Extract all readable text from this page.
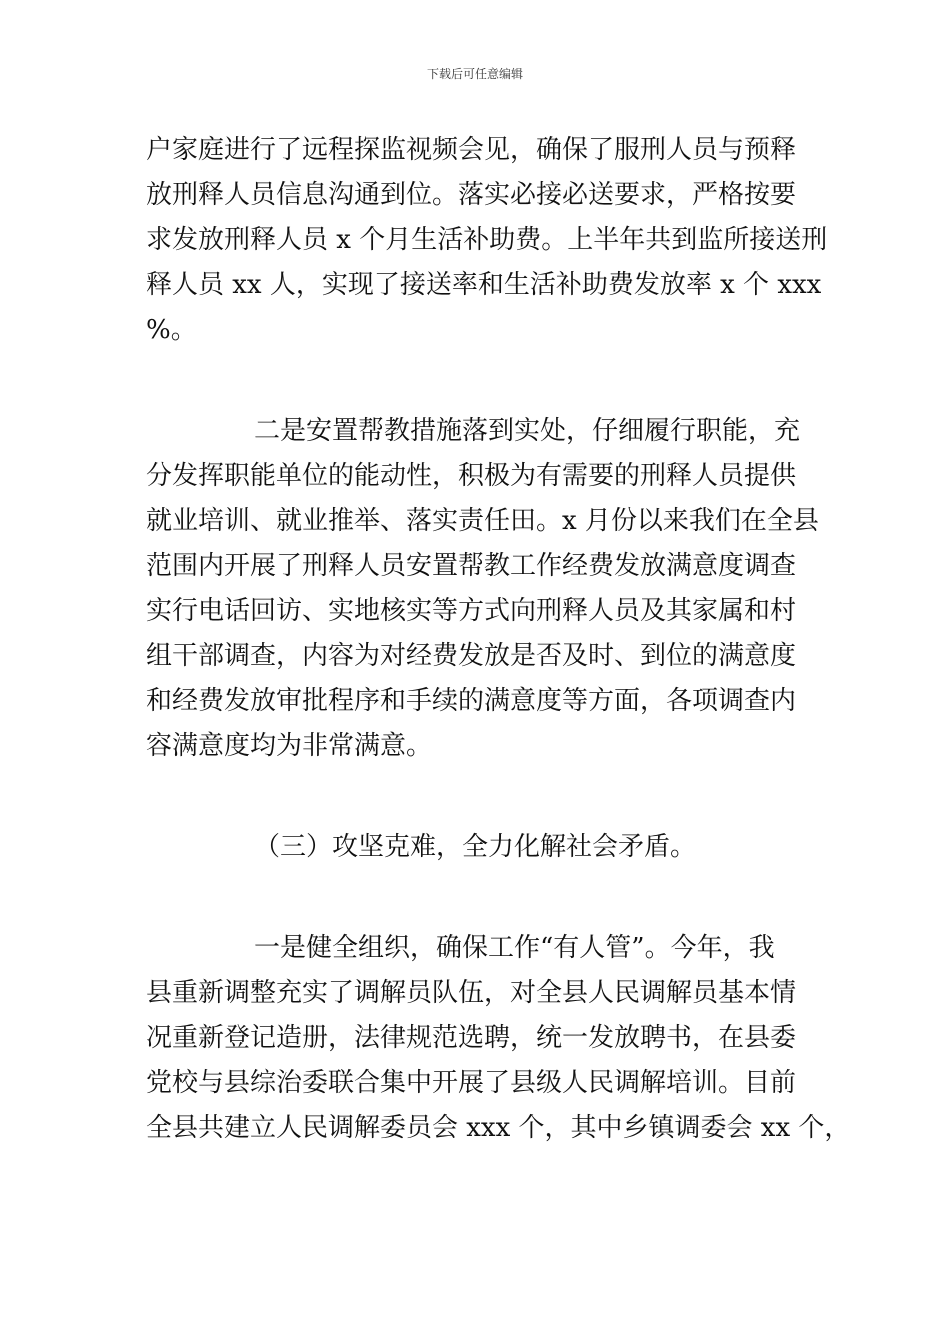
下载后可任意编辑
户家庭进行了远程探监视频会见，确保了服刑人员与预释
放刑释人员信息沟通到位。落实必接必送要求，严格按要
求发放刑释人员 x 个月生活补助费。上半年共到监所接送刑
释人员 xx 人，实现了接送率和生活补助费发放率 x 个 xxx
%。
二是安置帮教措施落到实处，仔细履行职能，充
分发挥职能单位的能动性，积极为有需要的刑释人员提供
就业培训、就业推举、落实责任田。x 月份以来我们在全县
范围内开展了刑释人员安置帮教工作经费发放满意度调查
实行电话回访、实地核实等方式向刑释人员及其家属和村
组干部调查，内容为对经费发放是否及时、到位的满意度
和经费发放审批程序和手续的满意度等方面，各项调查内
容满意度均为非常满意。
（三）攻坚克难，全力化解社会矛盾。
一是健全组织，确保工作“有人管”。今年，我
县重新调整充实了调解员队伍，对全县人民调解员基本情
况重新登记造册，法律规范选聘，统一发放聘书，在县委
党校与县综治委联合集中开展了县级人民调解培训。目前
全县共建立人民调解委员会 xxx 个，其中乡镇调委会 xx 个，
